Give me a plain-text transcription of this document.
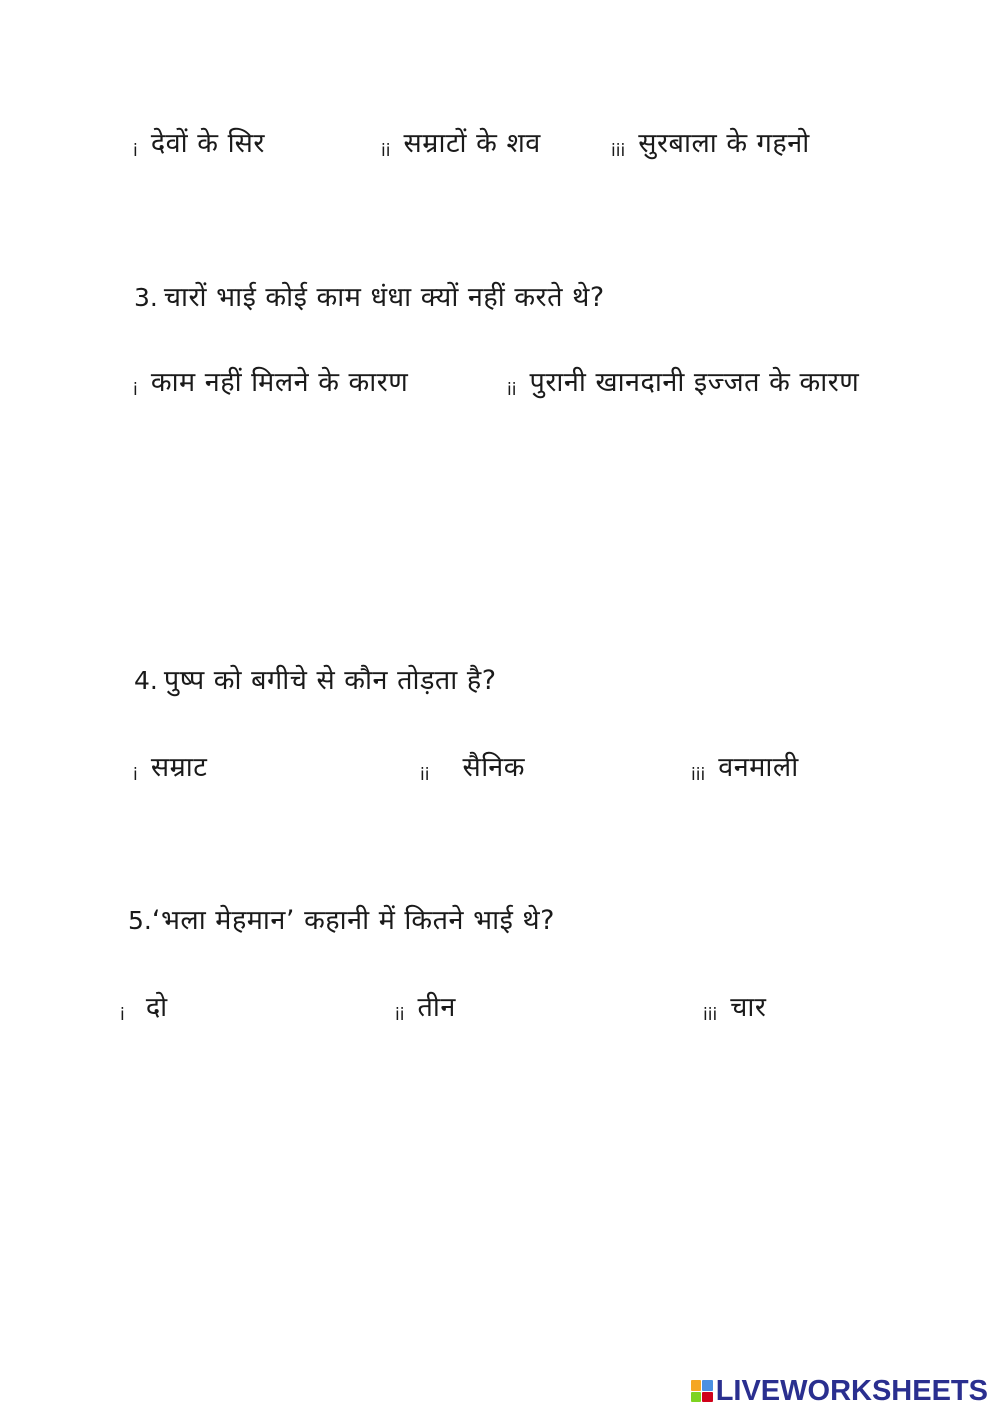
i देवों के सिर	ii सम्राटों के शव	iii सुरबाला के गहनो
3. चारों भाई कोई काम धंधा क्यों नहीं करते थे?
i काम नहीं मिलने के कारण	ii पुरानी खानदानी इज्जत के कारण
4. पुष्प को बगीचे से कौन तोड़ता है?
i सम्राट	ii सैनिक	iii वनमाली
5.‘भला मेहमान’ कहानी में कितने भाई थे?
i दो	ii तीन	iii चार
LIVEWORKSHEETS
